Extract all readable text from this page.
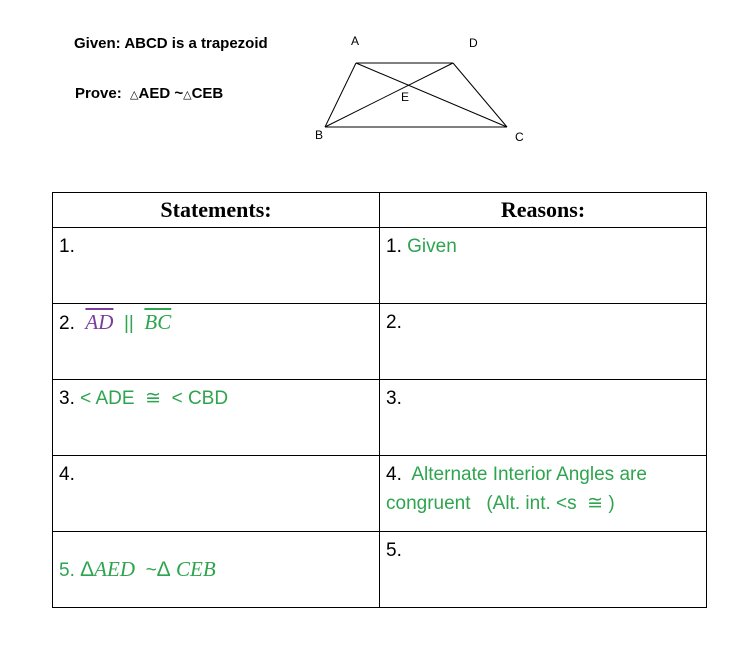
Given: ABCD is a trapezoid
Prove: △AED ~△CEB
A	D
E
B	C
Statements:	Reasons:
1.	1. Given
2. $\overline{AD}$ || $\overline{BC}$	2.
3. < ADE  ≅  < CBD	3.
4.	4. Alternate Interior Angles are
congruent   (Alt. int. <s  ≅ )
5. ΔAED ~Δ CEB	5.
